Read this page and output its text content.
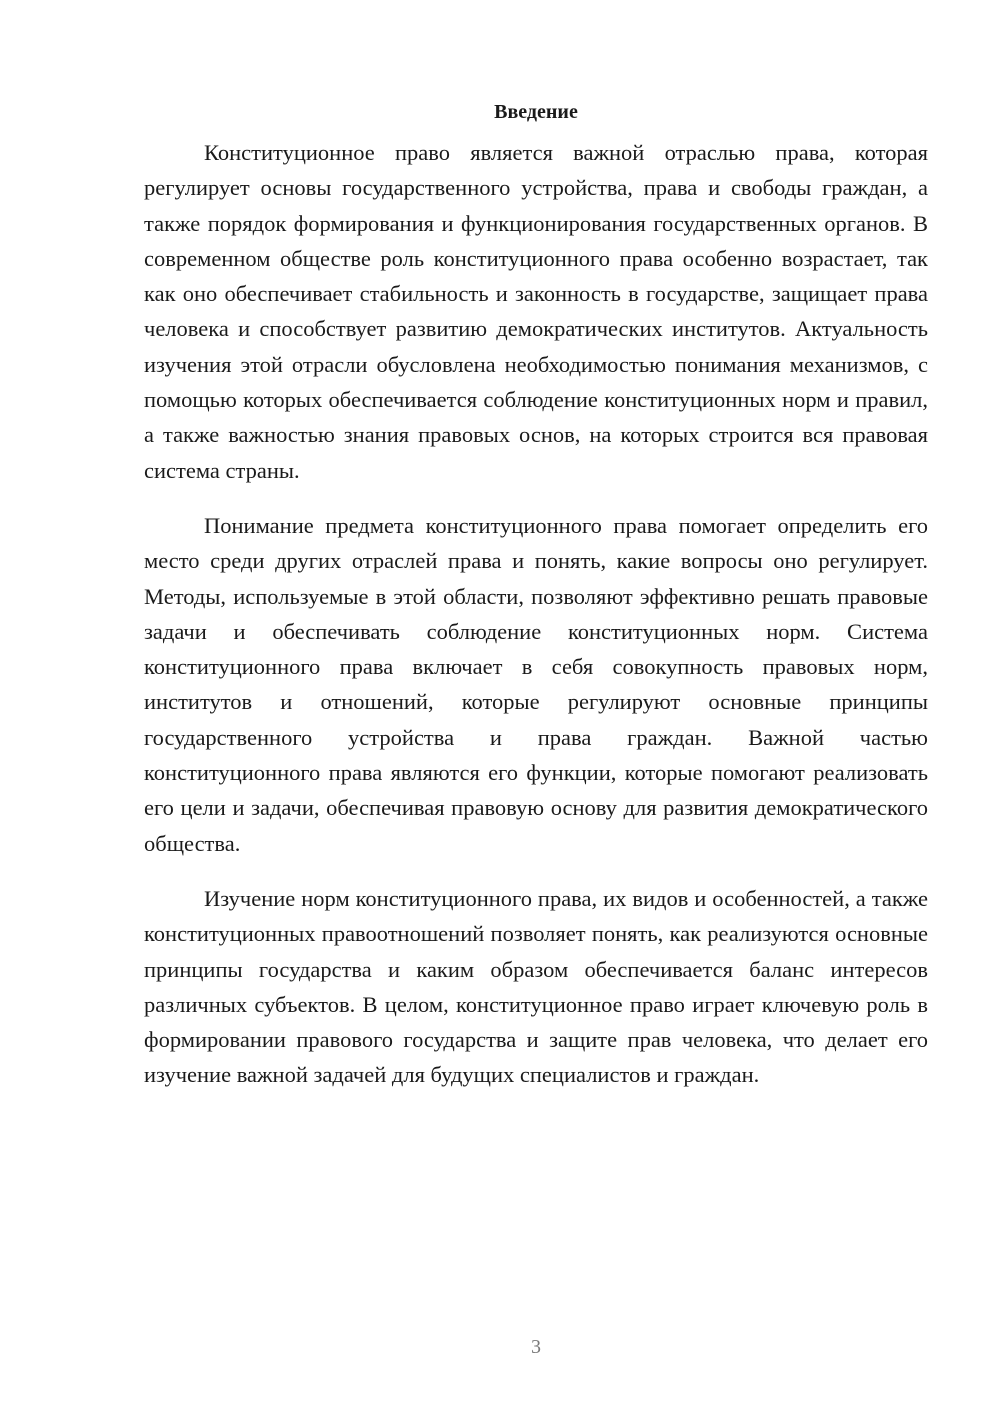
Введение

Конституционное право является важной отраслью права, которая регулирует основы государственного устройства, права и свободы граждан, а также порядок формирования и функционирования государственных органов. В современном обществе роль конституционного права особенно возрастает, так как оно обеспечивает стабильность и законность в государстве, защищает права человека и способствует развитию демократических институтов. Актуальность изучения этой отрасли обусловлена необходимостью понимания механизмов, с помощью которых обеспечивается соблюдение конституционных норм и правил, а также важностью знания правовых основ, на которых строится вся правовая система страны.

Понимание предмета конституционного права помогает определить его место среди других отраслей права и понять, какие вопросы оно регулирует. Методы, используемые в этой области, позволяют эффективно решать правовые задачи и обеспечивать соблюдение конституционных норм. Система конституционного права включает в себя совокупность правовых норм, институтов и отношений, которые регулируют основные принципы государственного устройства и права граждан. Важной частью конституционного права являются его функции, которые помогают реализовать его цели и задачи, обеспечивая правовую основу для развития демократического общества.

Изучение норм конституционного права, их видов и особенностей, а также конституционных правоотношений позволяет понять, как реализуются основные принципы государства и каким образом обеспечивается баланс интересов различных субъектов. В целом, конституционное право играет ключевую роль в формировании правового государства и защите прав человека, что делает его изучение важной задачей для будущих специалистов и граждан.

3
